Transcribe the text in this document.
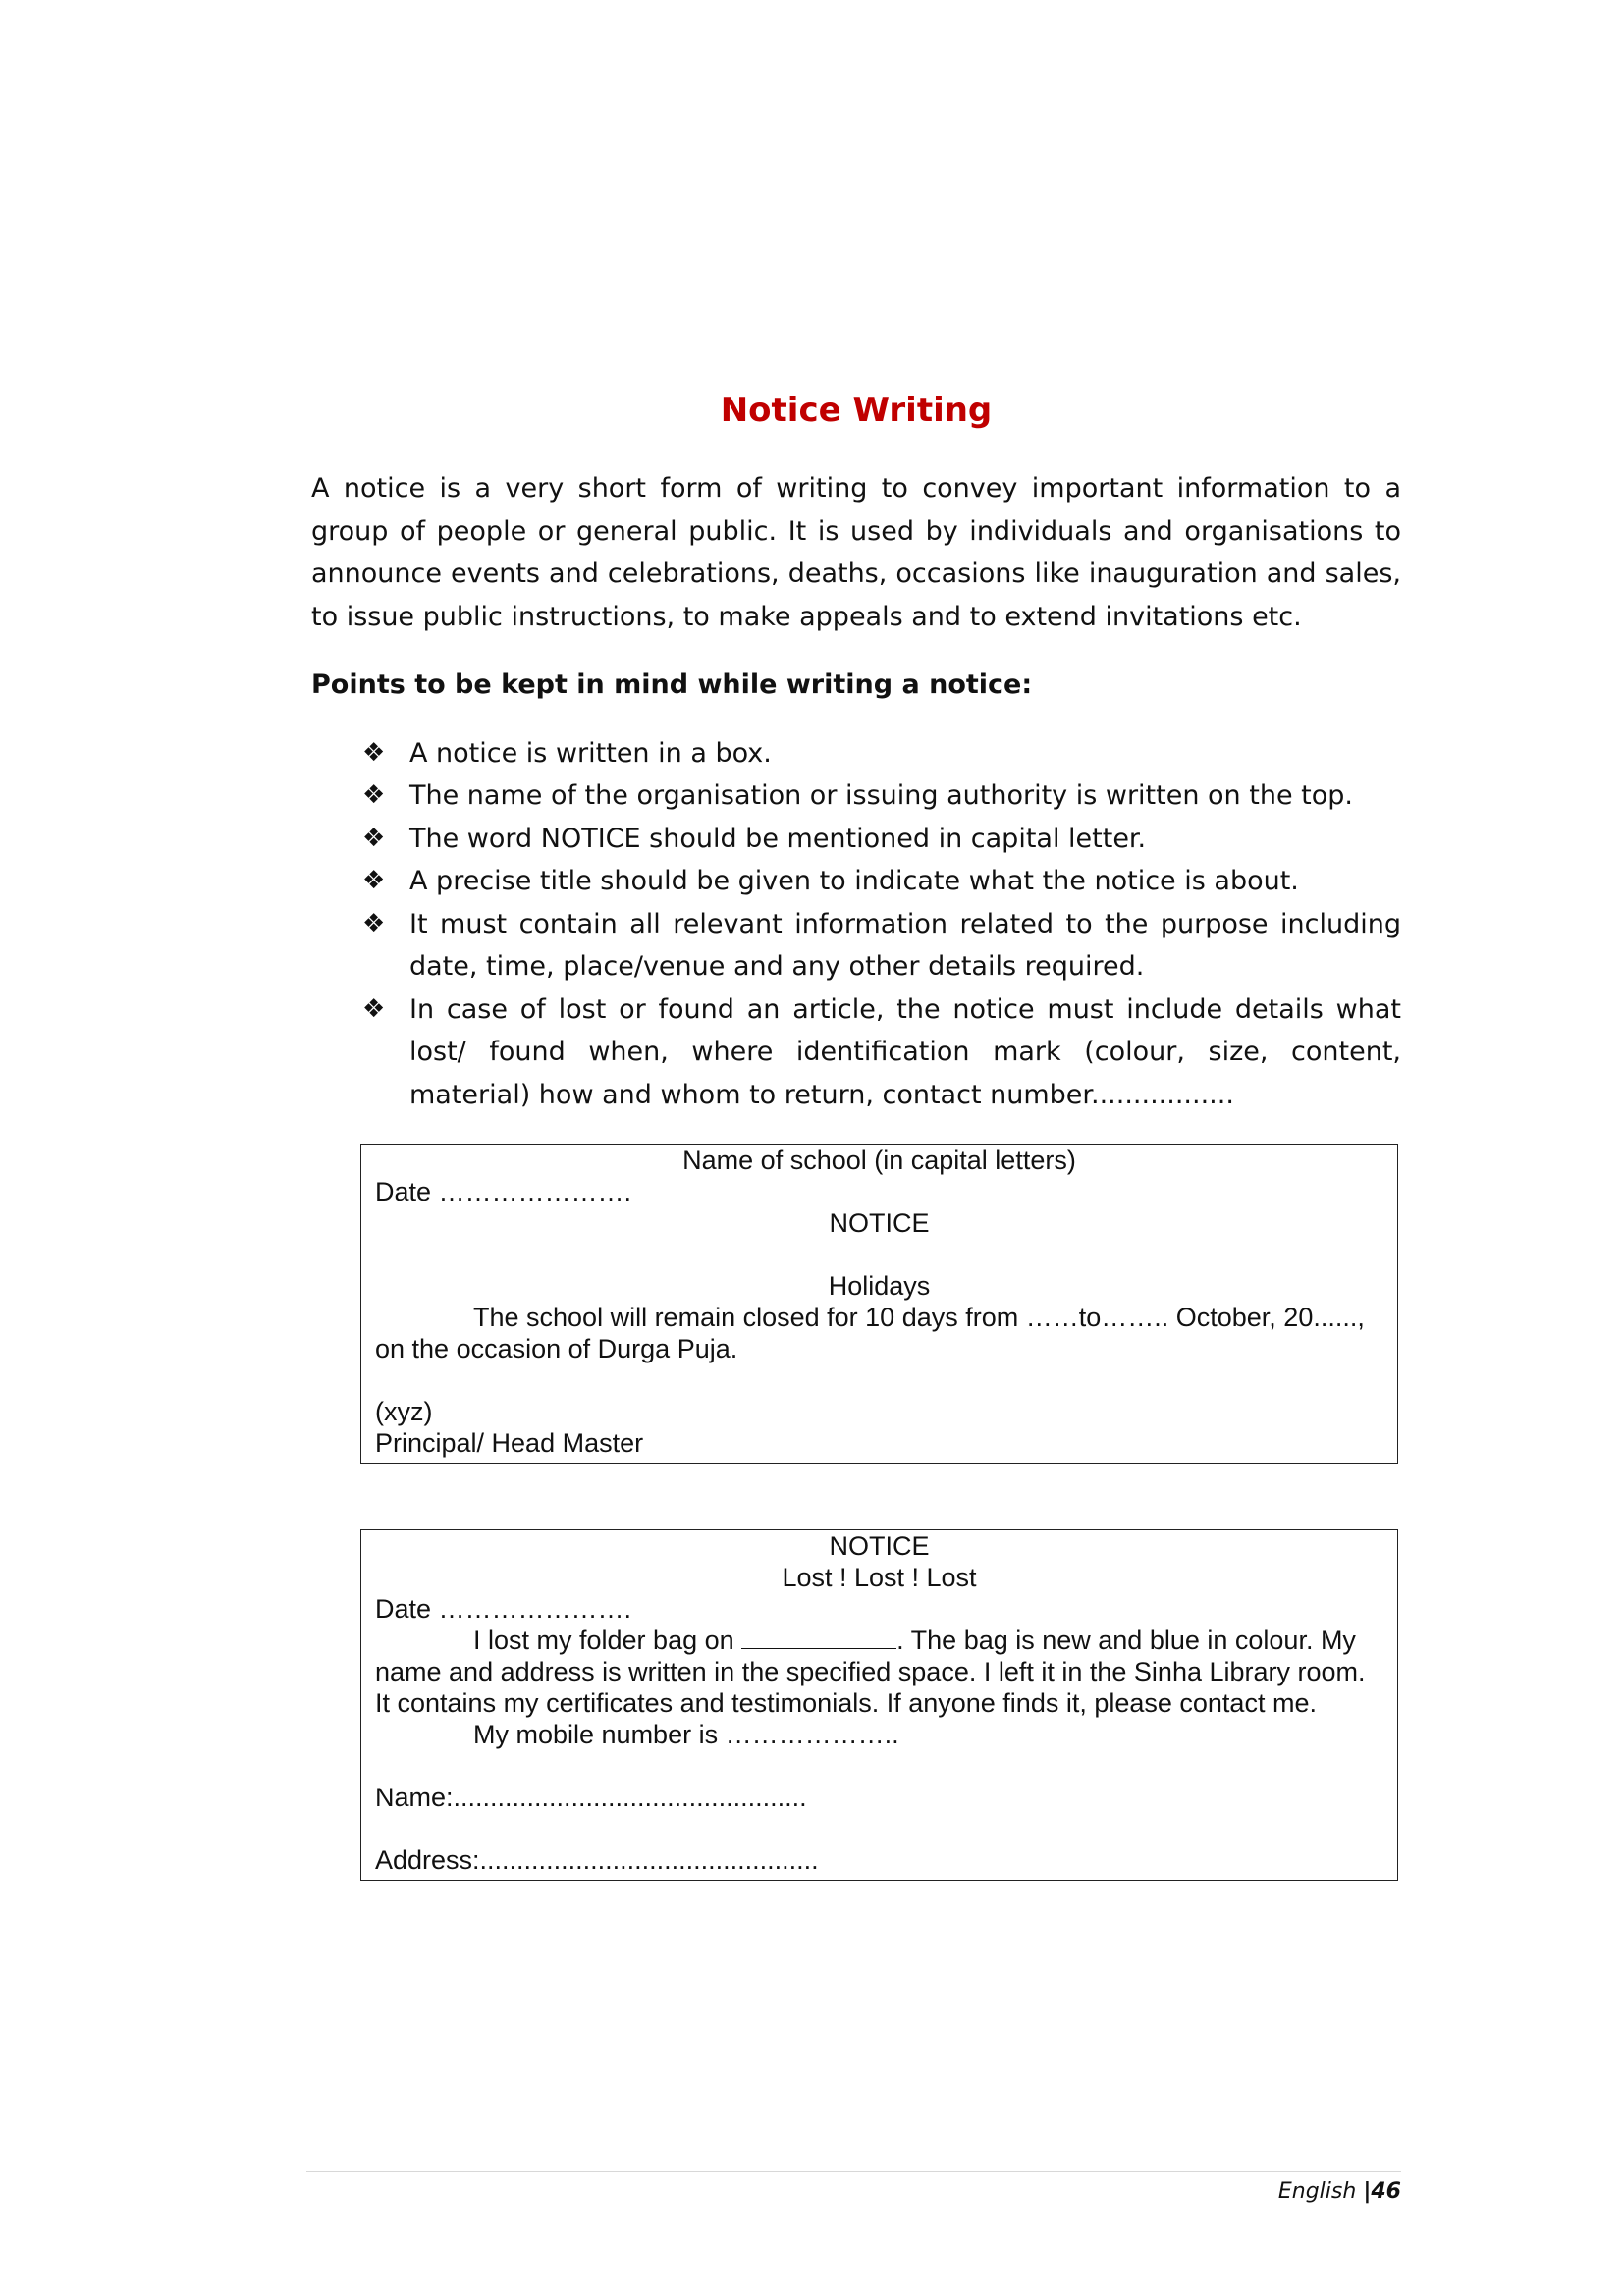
Notice Writing

A notice is a very short form of writing to convey important information to a group of people or general public. It is used by individuals and organisations to announce events and celebrations, deaths, occasions like inauguration and sales, to issue public instructions, to make appeals and to extend invitations etc.

Points to be kept in mind while writing a notice:
❖ A notice is written in a box.
❖ The name of the organisation or issuing authority is written on the top.
❖ The word NOTICE should be mentioned in capital letter.
❖ A precise title should be given to indicate what the notice is about.
❖ It must contain all relevant information related to the purpose including date, time, place/venue and any other details required.
❖ In case of lost or found an article, the notice must include details what lost/ found when, where identification mark (colour, size, content, material) how and whom to return, contact number.................
Name of school (in capital letters)
Date ………………….
NOTICE
Holidays
The school will remain closed for 10 days from ……to…….. October, 20......,
on the occasion of Durga Puja.
(xyz)
Principal/ Head Master
NOTICE
Lost ! Lost ! Lost
Date ………………….
I lost my folder bag on	. The bag is new and blue in colour. My
name and address is written in the specified space. I left it in the Sinha Library room.
It contains my certificates and testimonials. If anyone finds it, please contact me.
My mobile number is ………………..
Name:................................................
Address:..............................................
English |46
